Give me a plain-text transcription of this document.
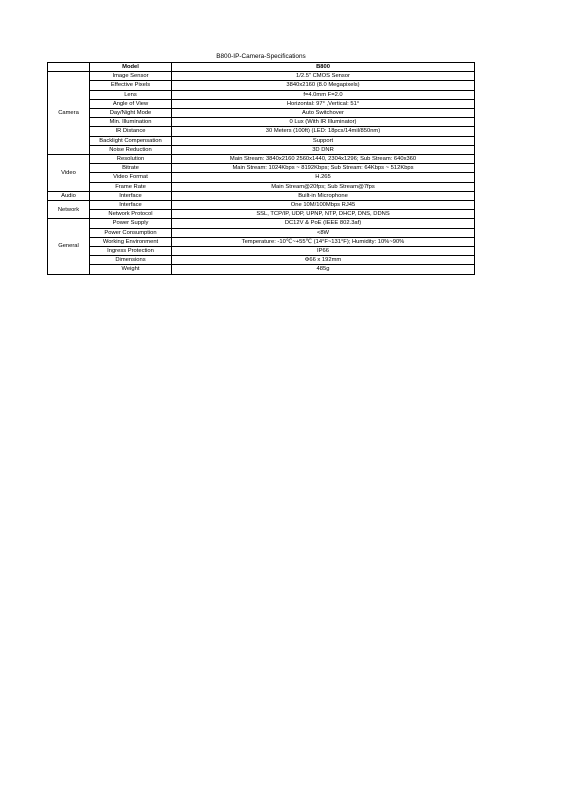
B800-IP-Camera-Specifications
	Model	B800
Camera	Image Sensor	1/2.5" CMOS Sensor
	Effective Pixels	3840x2160 (8.0 Megapixels)
	Lens	f=4.0mm F=2.0
	Angle of View	Horizontal: 97° ,Vertical: 51°
	Day/Night Mode	Auto Switchover
	Min. Illumination	0 Lux (With IR Illuminator)
	IR Distance	30 Meters (100ft) (LED: 18pcs/14mil/850nm)
	Backlight Compensation	Support
	Noise Reduction	3D DNR
Video	Resolution	Main Stream: 3840x2160 2560x1440, 2304x1296; Sub Stream: 640x360
	Bitrate	Main Stream: 1024Kbps ~ 8192Kbps; Sub Stream: 64Kbps ~ 512Kbps
	Video Format	H.265
	Frame Rate	Main Stream@20fps; Sub Stream@7fps
Audio	Interface	Built-in Microphone
Network	Interface	One 10M/100Mbps RJ45
	Network Protocol	SSL, TCP/IP, UDP, UPNP, NTP, DHCP, DNS, DDNS
General	Power Supply	DC12V & PoE (IEEE 802.3af)
	Power Consumption	<8W
	Working Environment	Temperature: -10℃~+55℃ (14°F~131°F); Humidity: 10%~90%
	Ingress Protection	IP66
	Dimensions	Φ66 x 192mm
	Weight	485g
